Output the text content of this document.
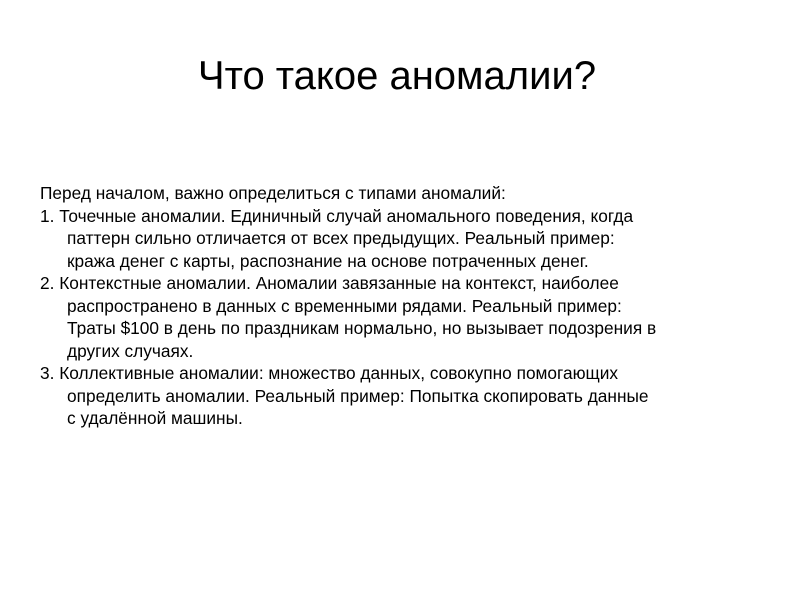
Что такое аномалии?
Перед началом, важно определиться с типами аномалий:
1. Точечные аномалии. Единичный случай аномального поведения, когда
паттерн сильно отличается от всех предыдущих. Реальный пример:
кража денег с карты, распознание на основе потраченных денег.
2. Контекстные аномалии. Аномалии завязанные на контекст, наиболее
распространено в данных с временными рядами. Реальный пример:
Траты $100 в день по праздникам нормально, но вызывает подозрения в
других случаях.
3. Коллективные аномалии: множество данных, совокупно помогающих
определить аномалии. Реальный пример: Попытка скопировать данные
с удалённой машины.
